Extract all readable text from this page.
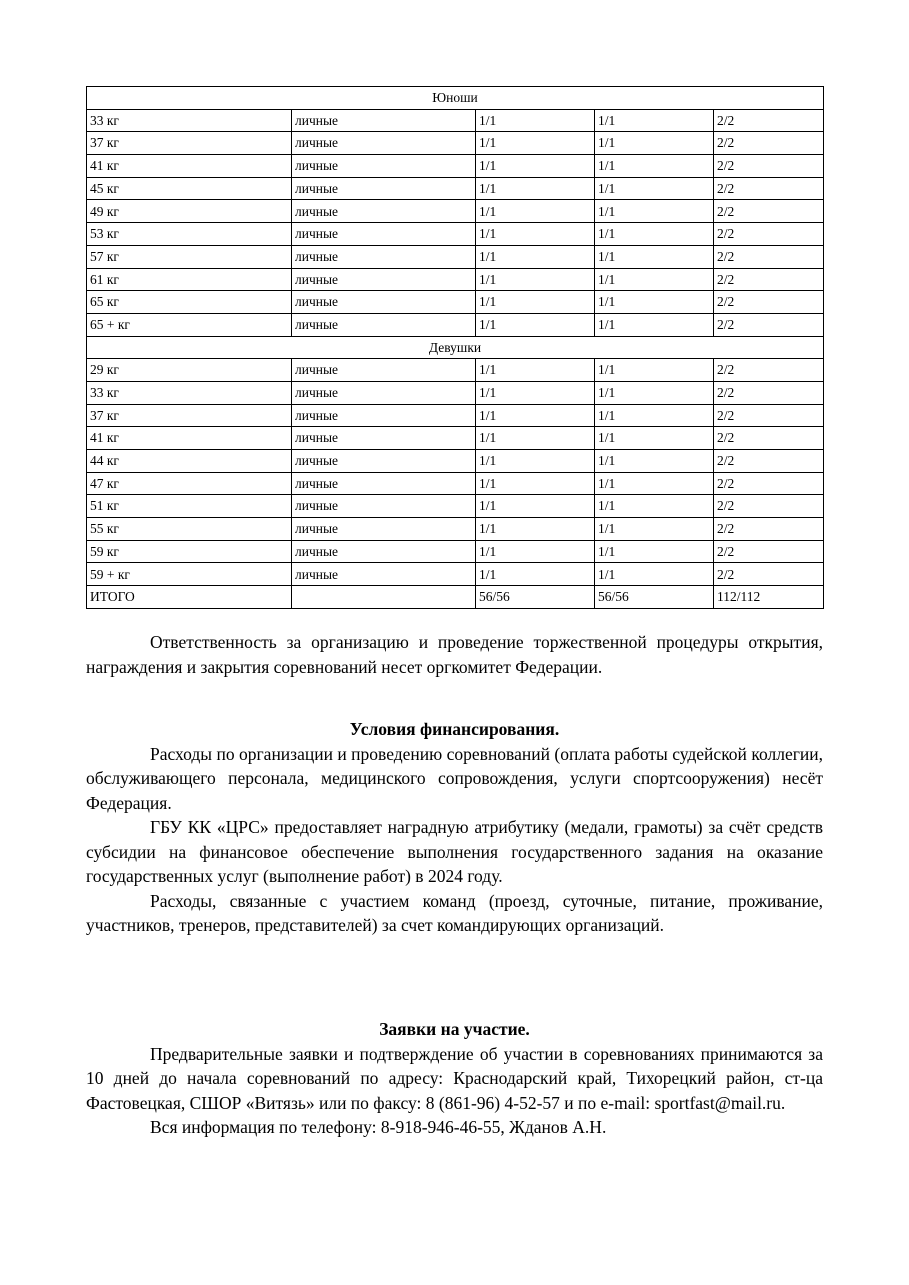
Юноши				
33 кг	личные	1/1	1/1	2/2
37 кг	личные	1/1	1/1	2/2
41 кг	личные	1/1	1/1	2/2
45 кг	личные	1/1	1/1	2/2
49 кг	личные	1/1	1/1	2/2
53 кг	личные	1/1	1/1	2/2
57 кг	личные	1/1	1/1	2/2
61 кг	личные	1/1	1/1	2/2
65 кг	личные	1/1	1/1	2/2
65 + кг	личные	1/1	1/1	2/2
Девушки				
29 кг	личные	1/1	1/1	2/2
33 кг	личные	1/1	1/1	2/2
37 кг	личные	1/1	1/1	2/2
41 кг	личные	1/1	1/1	2/2
44 кг	личные	1/1	1/1	2/2
47 кг	личные	1/1	1/1	2/2
51 кг	личные	1/1	1/1	2/2
55 кг	личные	1/1	1/1	2/2
59 кг	личные	1/1	1/1	2/2
59 + кг	личные	1/1	1/1	2/2
ИТОГО		56/56	56/56	112/112

Ответственность за организацию и проведение торжественной процедуры открытия, награждения и закрытия соревнований несет оргкомитет Федерации.

Условия финансирования.

Расходы по организации и проведению соревнований (оплата работы судейской коллегии, обслуживающего персонала, медицинского сопровождения, услуги спортсооружения) несёт Федерация.

ГБУ КК «ЦРС» предоставляет наградную атрибутику (медали, грамоты) за счёт средств субсидии на финансовое обеспечение выполнения государственного задания на оказание государственных услуг (выполнение работ) в 2024 году.

Расходы, связанные с участием команд (проезд, суточные, питание, проживание, участников, тренеров, представителей) за счет командирующих организаций.

Заявки на участие.

Предварительные заявки и подтверждение об участии в соревнованиях принимаются за 10 дней до начала соревнований по адресу: Краснодарский край, Тихорецкий район, ст-ца Фастовецкая, СШОР «Витязь» или по факсу: 8 (861-96) 4-52-57 и по e-mail: sportfast@mail.ru.

Вся информация по телефону: 8-918-946-46-55, Жданов А.Н.
